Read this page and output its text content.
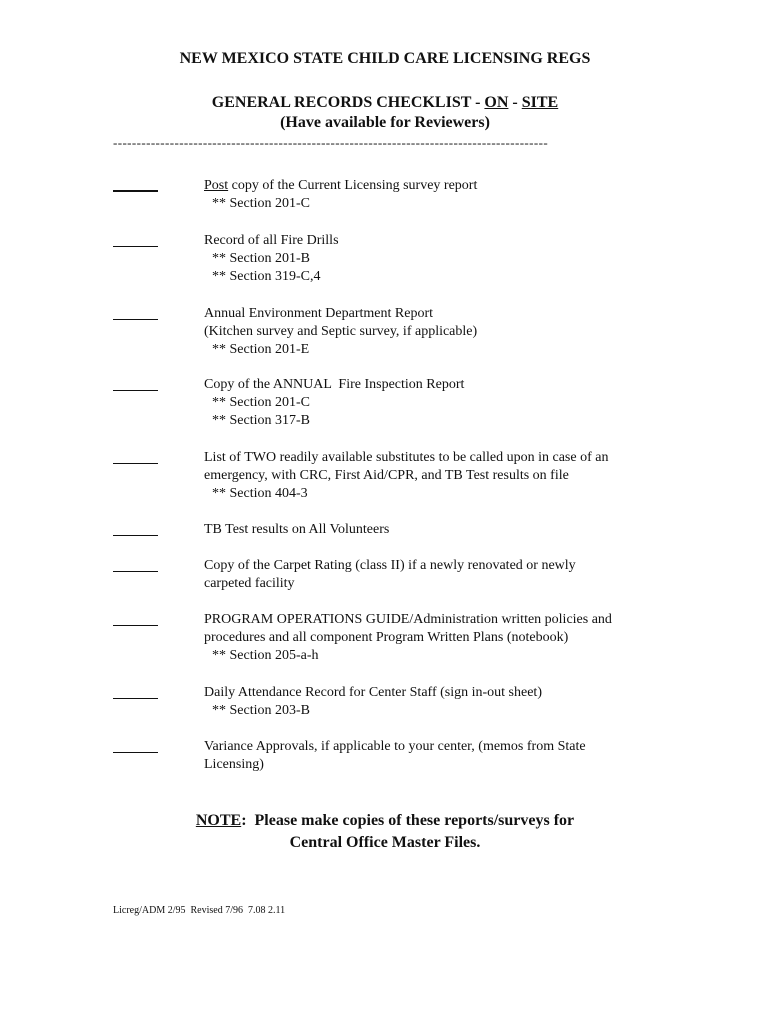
NEW MEXICO STATE CHILD CARE LICENSING REGS
GENERAL RECORDS CHECKLIST - ON - SITE
(Have available for Reviewers)
--------------------------------------------------------------------------------------------
Post copy of the Current Licensing survey report
** Section 201-C
Record of all Fire Drills
** Section 201-B
** Section 319-C,4
Annual Environment Department Report
(Kitchen survey and Septic survey, if applicable)
** Section 201-E
Copy of the ANNUAL  Fire Inspection Report
** Section 201-C
** Section 317-B
List of TWO readily available substitutes to be called upon in case of an
emergency, with CRC, First Aid/CPR, and TB Test results on file
** Section 404-3
TB Test results on All Volunteers
Copy of the Carpet Rating (class II) if a newly renovated or newly
carpeted facility
PROGRAM OPERATIONS GUIDE/Administration written policies and
procedures and all component Program Written Plans (notebook)
** Section 205-a-h
Daily Attendance Record for Center Staff (sign in-out sheet)
** Section 203-B
Variance Approvals, if applicable to your center, (memos from State
Licensing)
NOTE:  Please make copies of these reports/surveys for
Central Office Master Files.
Licreg/ADM 2/95  Revised 7/96  7.08 2.11
